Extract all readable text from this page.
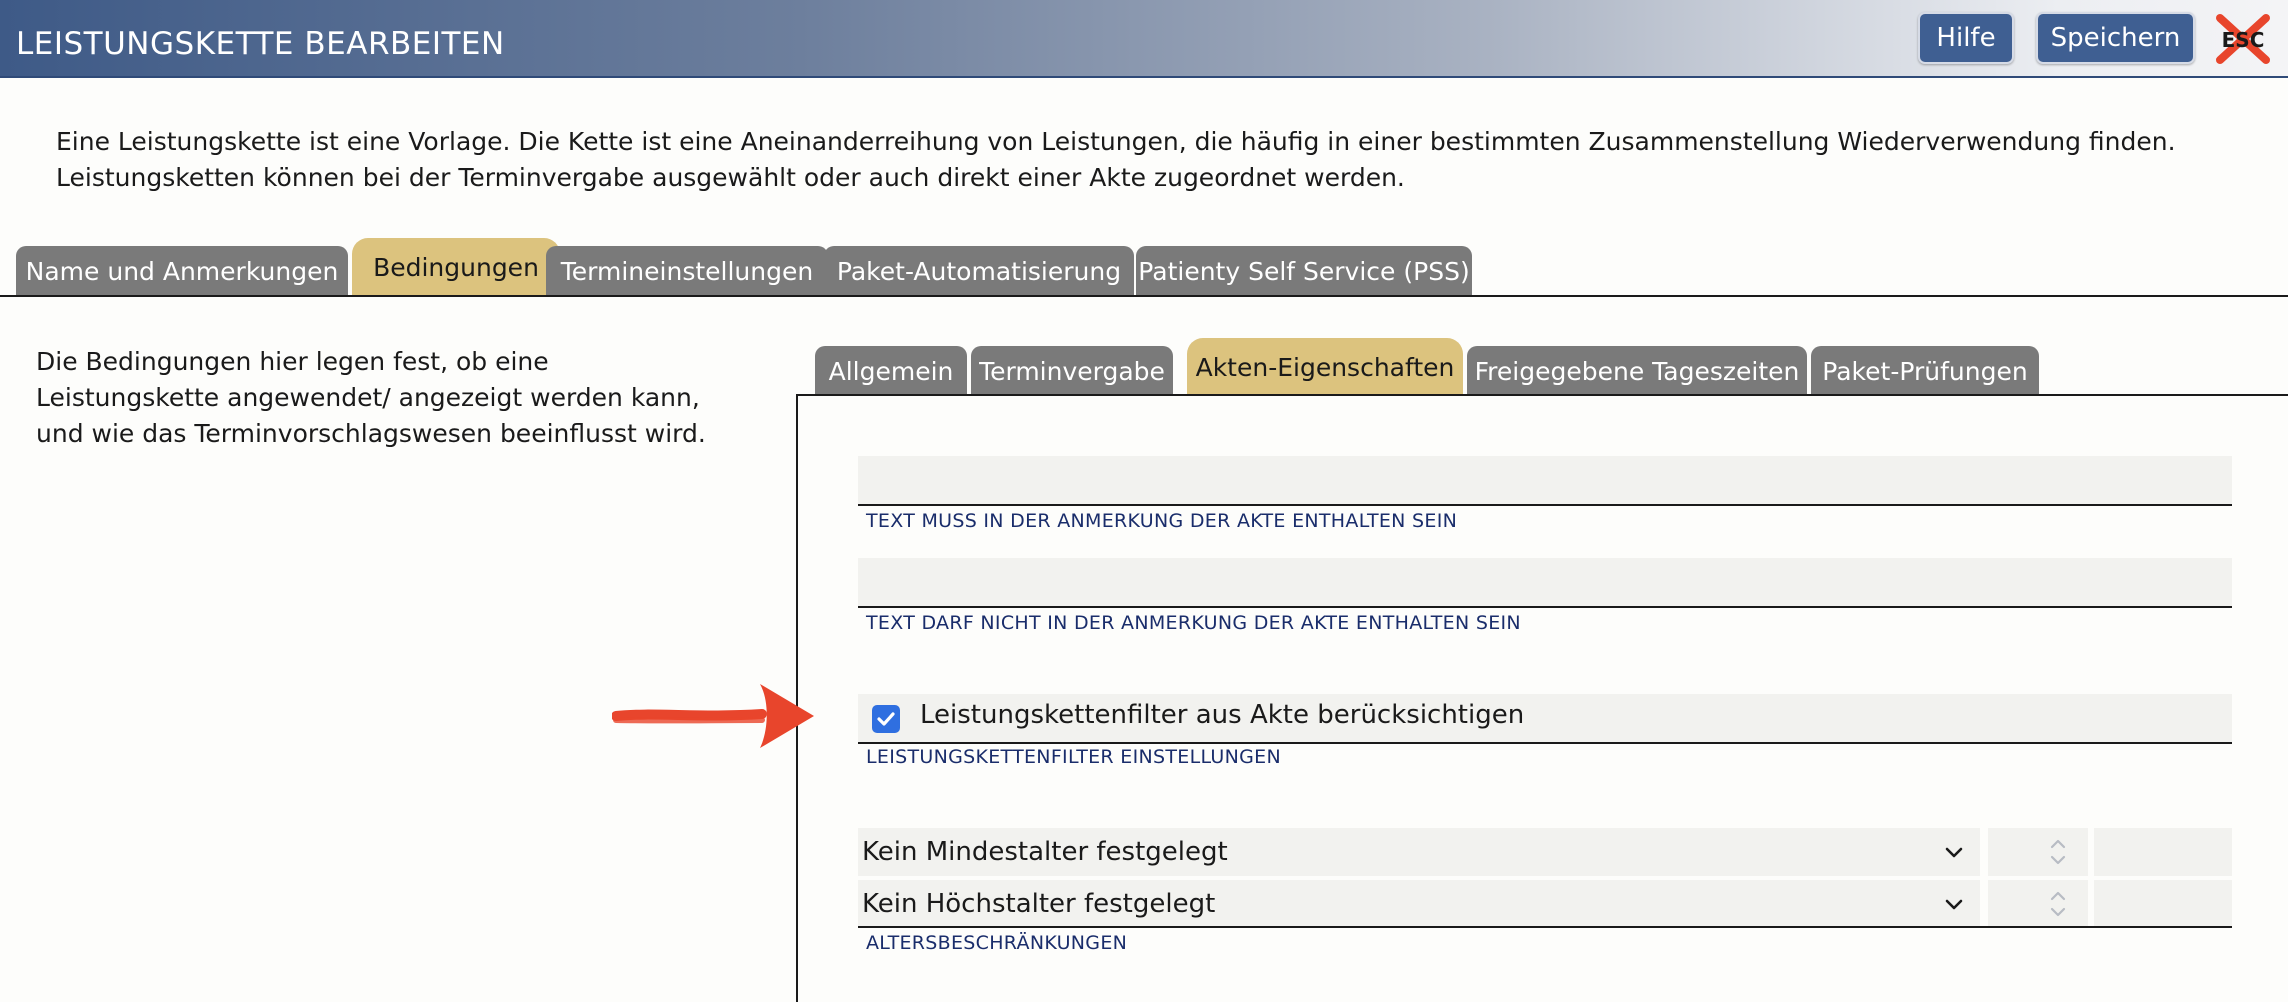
LEISTUNGSKETTE BEARBEITEN	Hilfe	Speichern	ESC
Eine Leistungskette ist eine Vorlage. Die Kette ist eine Aneinanderreihung von Leistungen, die häufig in einer bestimmten Zusammenstellung Wiederverwendung finden. Leistungsketten können bei der Terminvergabe ausgewählt oder auch direkt einer Akte zugeordnet werden.
Name und Anmerkungen	Bedingungen Termineinstellungen Paket-Automatisierung Patienty Self Service (PSS)
Die Bedingungen hier legen fest, ob eine Leistungskette angewendet/ angezeigt werden kann, und wie das Terminvorschlagswesen beeinflusst wird.
Allgemein	Terminvergabe	Akten-Eigenschaften Freigegebene Tageszeiten Paket-Prüfungen
TEXT MUSS IN DER ANMERKUNG DER AKTE ENTHALTEN SEIN
TEXT DARF NICHT IN DER ANMERKUNG DER AKTE ENTHALTEN SEIN
Leistungskettenfilter aus Akte berücksichtigen
LEISTUNGSKETTENFILTER EINSTELLUNGEN
Kein Mindestalter festgelegt
Kein Höchstalter festgelegt
ALTERSBESCHRÄNKUNGEN
